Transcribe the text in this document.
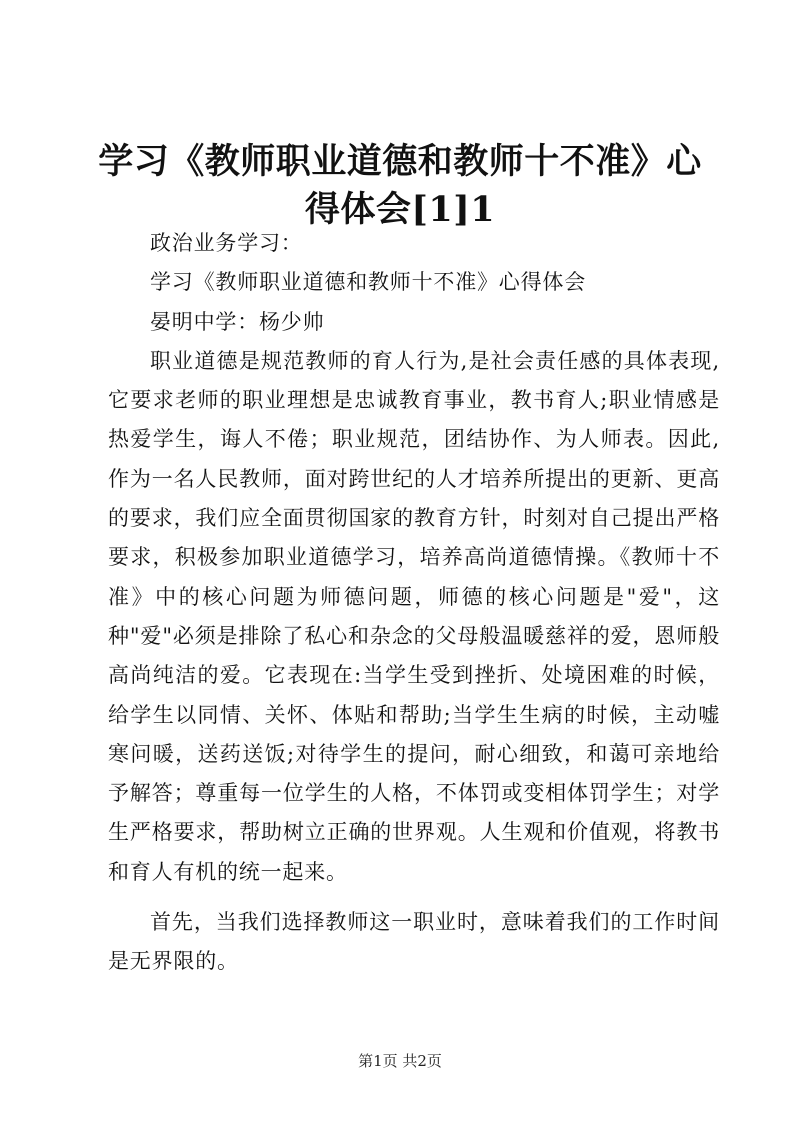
学习《教师职业道德和教师十不准》心得体会[1]1

政治业务学习：

学习《教师职业道德和教师十不准》心得体会

晏明中学：杨少帅

职业道德是规范教师的育人行为,是社会责任感的具体表现,它要求老师的职业理想是忠诚教育事业，教书育人;职业情感是热爱学生，诲人不倦；职业规范，团结协作、为人师表。因此,作为一名人民教师，面对跨世纪的人才培养所提出的更新、更高的要求，我们应全面贯彻国家的教育方针，时刻对自己提出严格要求，积极参加职业道德学习，培养高尚道德情操。《教师十不准》中的核心问题为师德问题，师德的核心问题是"爱"，这种"爱"必须是排除了私心和杂念的父母般温暖慈祥的爱，恩师般高尚纯洁的爱。它表现在:当学生受到挫折、处境困难的时候，给学生以同情、关怀、体贴和帮助;当学生生病的时候，主动嘘寒问暖，送药送饭;对待学生的提问，耐心细致，和蔼可亲地给予解答；尊重每一位学生的人格，不体罚或变相体罚学生；对学生严格要求，帮助树立正确的世界观。人生观和价值观，将教书和育人有机的统一起来。

首先，当我们选择教师这一职业时，意味着我们的工作时间是无界限的。

第1页 共2页
